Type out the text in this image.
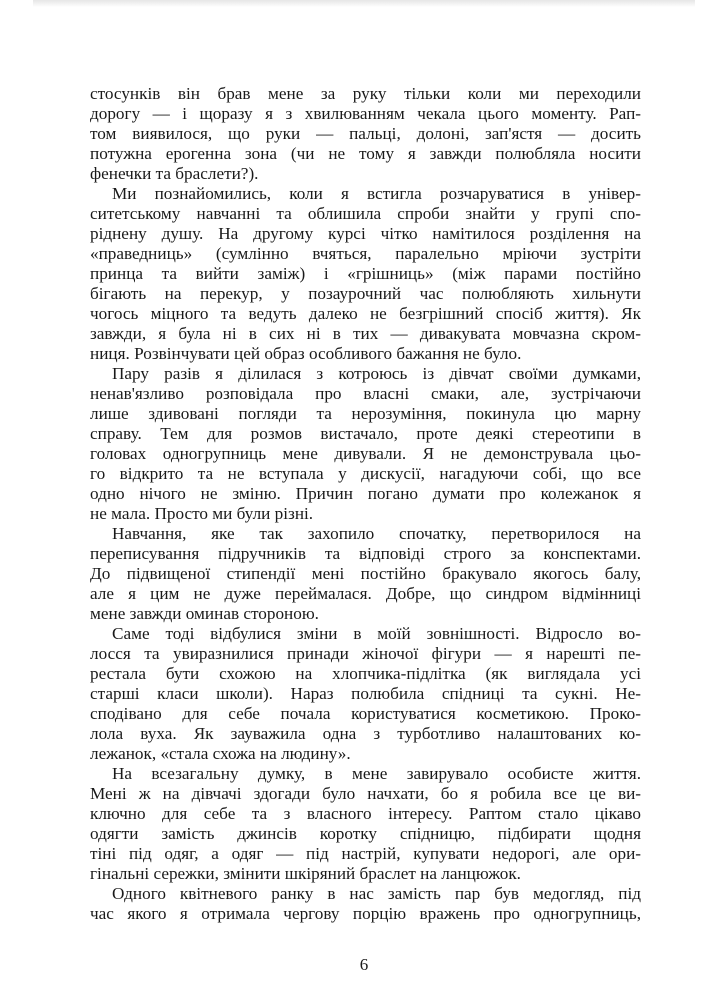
стосунків він брав мене за руку тільки коли ми переходили
дорогу — і щоразу я з хвилюванням чекала цього моменту. Рап-
том виявилося, що руки — пальці, долоні, зап'ястя — досить
потужна ерогенна зона (чи не тому я завжди полюбляла носити
фенечки та браслети?).
Ми познайомились, коли я встигла розчаруватися в універ-
ситетському навчанні та облишила спроби знайти у групі спо-
ріднену душу. На другому курсі чітко намітилося розділення на
«праведниць» (сумлінно вчяться, паралельно мріючи зустріти
принца та вийти заміж) і «грішниць» (між парами постійно
бігають на перекур, у позаурочний час полюбляють хильнути
чогось міцного та ведуть далеко не безгрішний спосіб життя). Як
завжди, я була ні в сих ні в тих — дивакувата мовчазна скром-
ниця. Розвінчувати цей образ особливого бажання не було.
Пару разів я ділилася з котроюсь із дівчат своїми думками,
ненав'язливо розповідала про власні смаки, але, зустрічаючи
лише здивовані погляди та нерозуміння, покинула цю марну
справу. Тем для розмов вистачало, проте деякі стереотипи в
головах одногрупниць мене дивували. Я не демонструвала цьо-
го відкрито та не вступала у дискусії, нагадуючи собі, що все
одно нічого не зміню. Причин погано думати про колежанок я
не мала. Просто ми були різні.
Навчання, яке так захопило спочатку, перетворилося на
переписування підручників та відповіді строго за конспектами.
До підвищеної стипендії мені постійно бракувало якогось балу,
але я цим не дуже переймалася. Добре, що синдром відмінниці
мене завжди оминав стороною.
Саме тоді відбулися зміни в моїй зовнішності. Відросло во-
лосся та увиразнилися принади жіночої фігури — я нарешті пе-
рестала бути схожою на хлопчика-підлітка (як виглядала усі
старші класи школи). Нараз полюбила спідниці та сукні. Не-
сподівано для себе почала користуватися косметикою. Проко-
лола вуха. Як зауважила одна з турботливо налаштованих ко-
лежанок, «стала схожа на людину».
На всезагальну думку, в мене завирувало особисте життя.
Мені ж на дівчачі здогади було начхати, бо я робила все це ви-
ключно для себе та з власного інтересу. Раптом стало цікаво
одягти замість джинсів коротку спідницю, підбирати щодня
тіні під одяг, а одяг — під настрій, купувати недорогі, але ори-
гінальні сережки, змінити шкіряний браслет на ланцюжок.
Одного квітневого ранку в нас замість пар був медогляд, під
час якого я отримала чергову порцію вражень про одногрупниць,
6
